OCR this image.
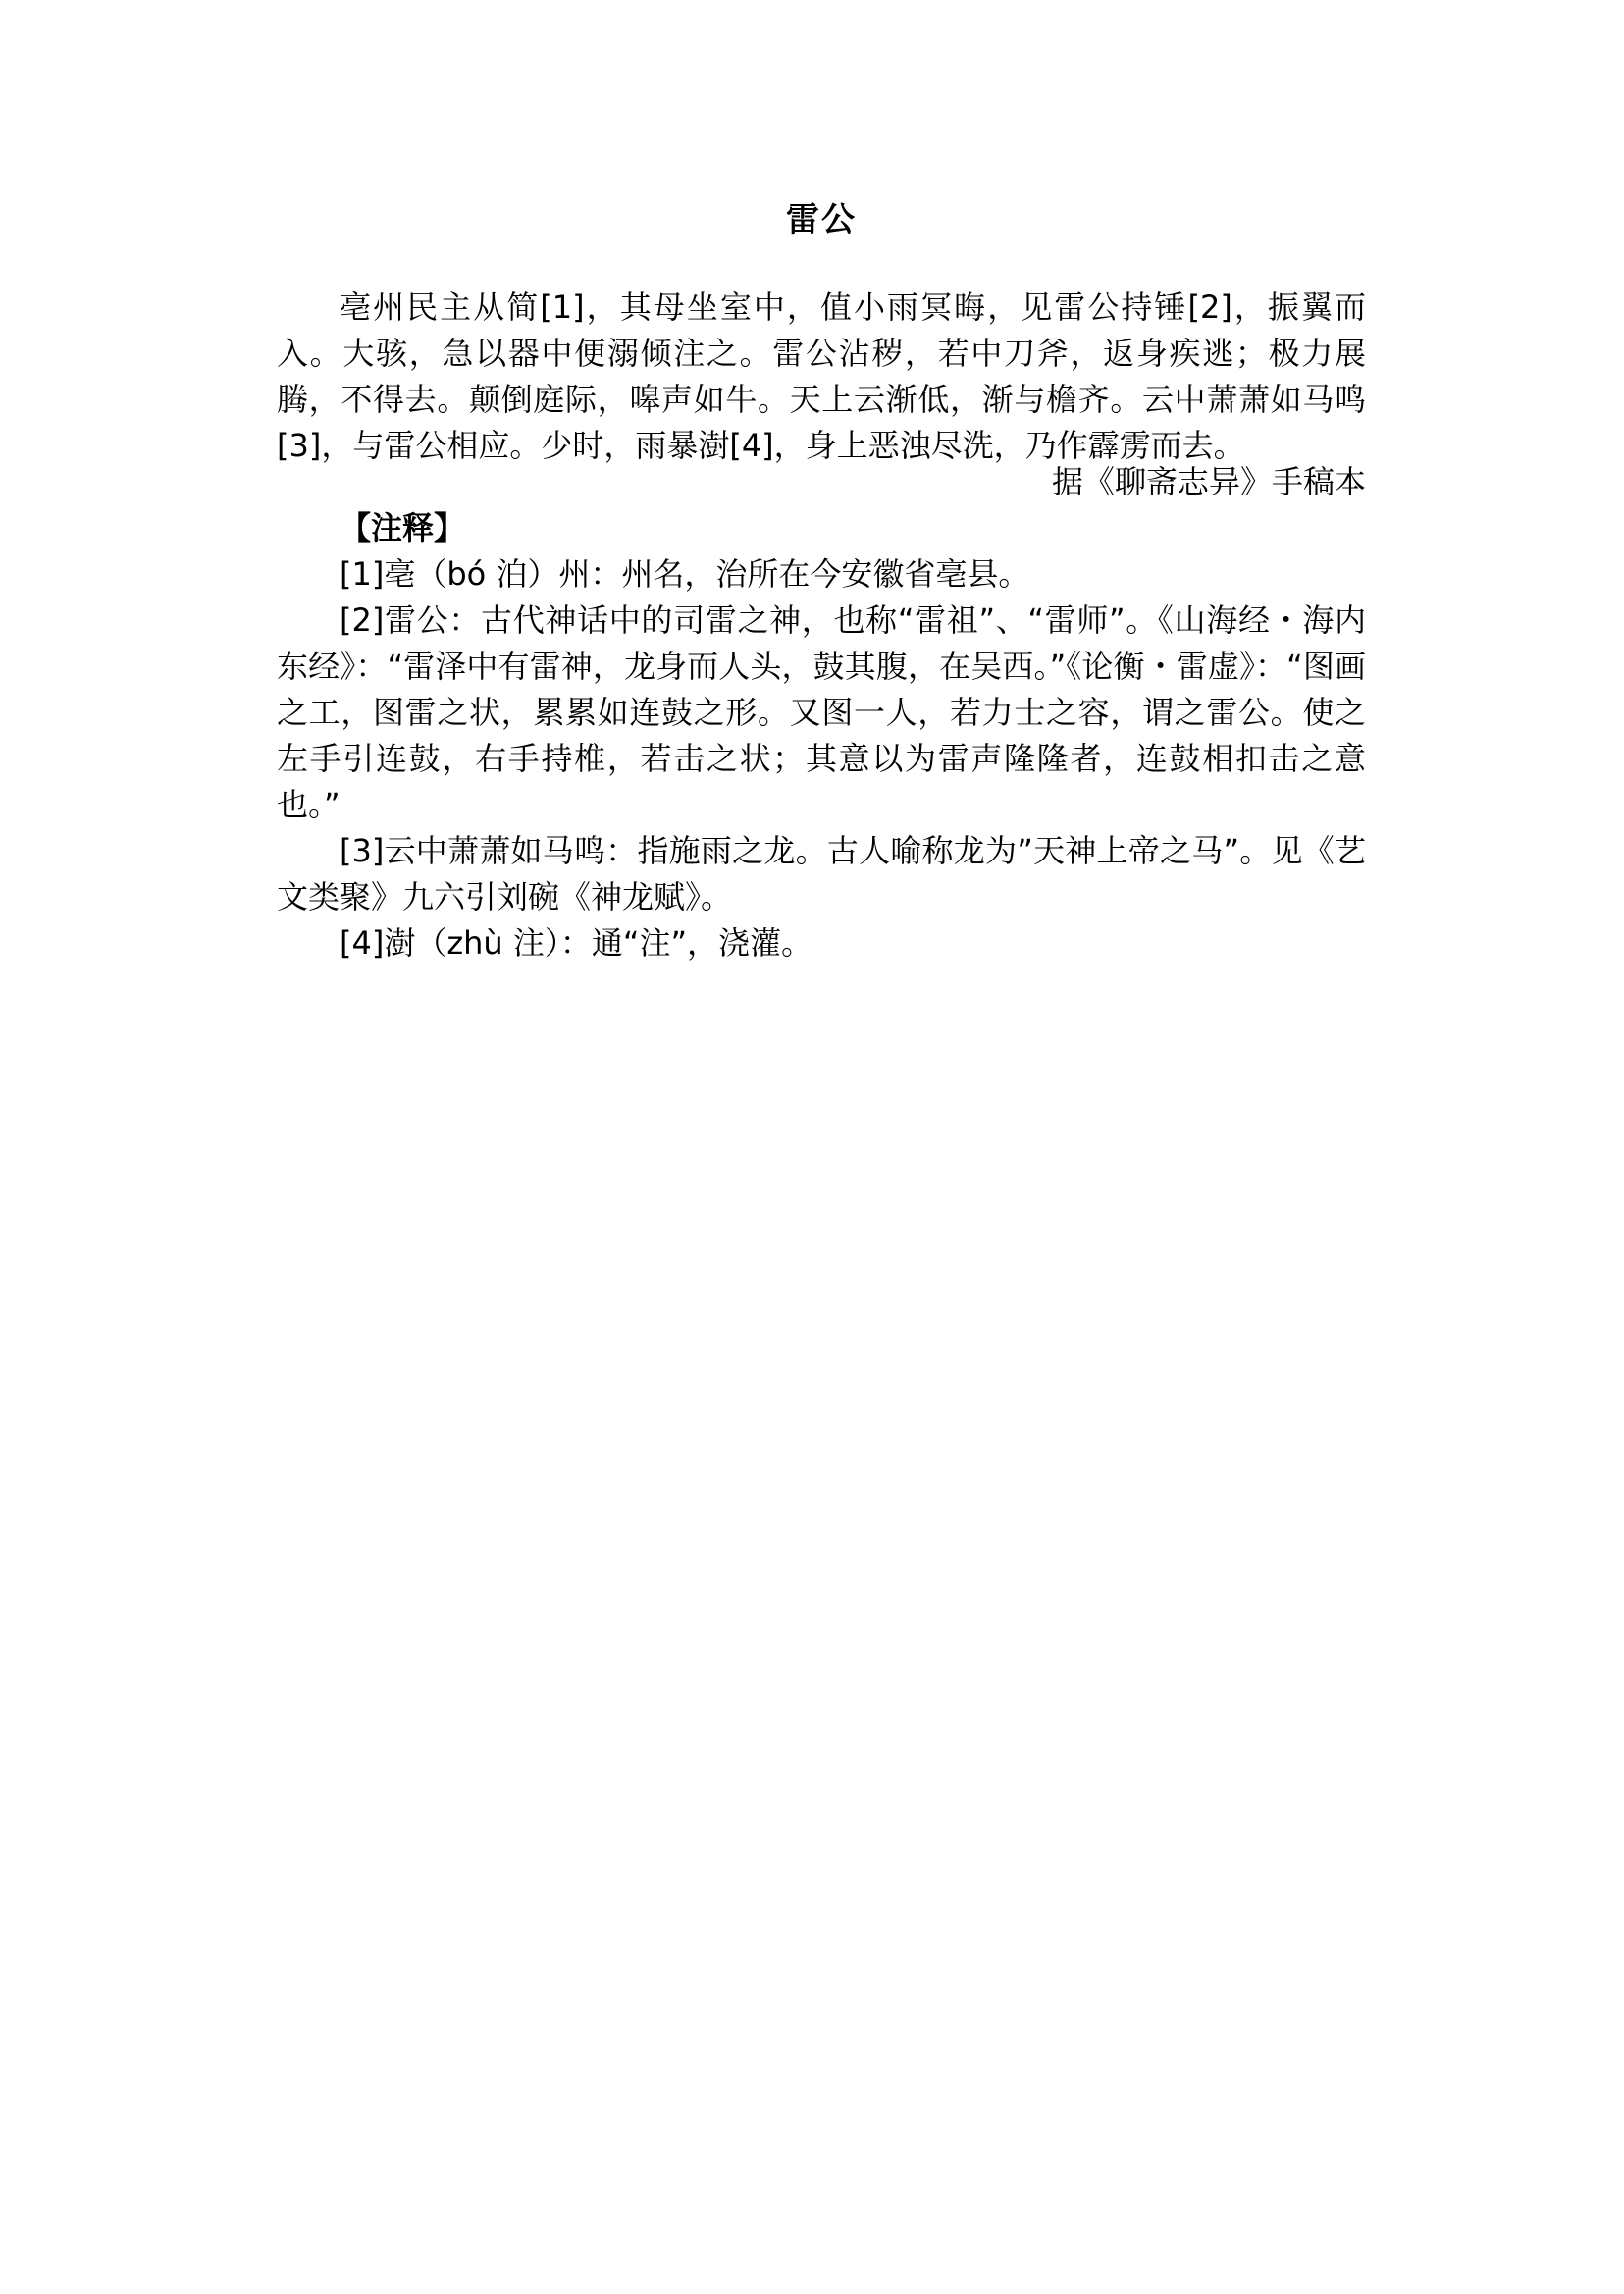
雷公

亳州民主从简[1]，其母坐室中，值小雨冥晦，见雷公持锤[2]，振翼而入。大骇，急以器中便溺倾注之。雷公沾秽，若中刀斧，返身疾逃；极力展腾，不得去。颠倒庭际，嗥声如牛。天上云渐低，渐与檐齐。云中萧萧如马鸣[3]，与雷公相应。少时，雨暴澍[4]，身上恶浊尽洗，乃作霹雳而去。

据《聊斋志异》手稿本
【注释】
[1]亳（bó 泊）州：州名，治所在今安徽省亳县。
[2]雷公：古代神话中的司雷之神，也称“雷祖”、“雷师”。《山海经・海内东经》：“雷泽中有雷神，龙身而人头，鼓其腹，在吴西。”《论衡・雷虚》：“图画之工，图雷之状，累累如连鼓之形。又图一人，若力士之容，谓之雷公。使之左手引连鼓，右手持椎，若击之状；其意以为雷声隆隆者，连鼓相扣击之意也。”
[3]云中萧萧如马鸣：指施雨之龙。古人喻称龙为”天神上帝之马”。见《艺文类聚》九六引刘碗《神龙赋》。
[4]澍（zhù 注）：通“注”，浇灌。
